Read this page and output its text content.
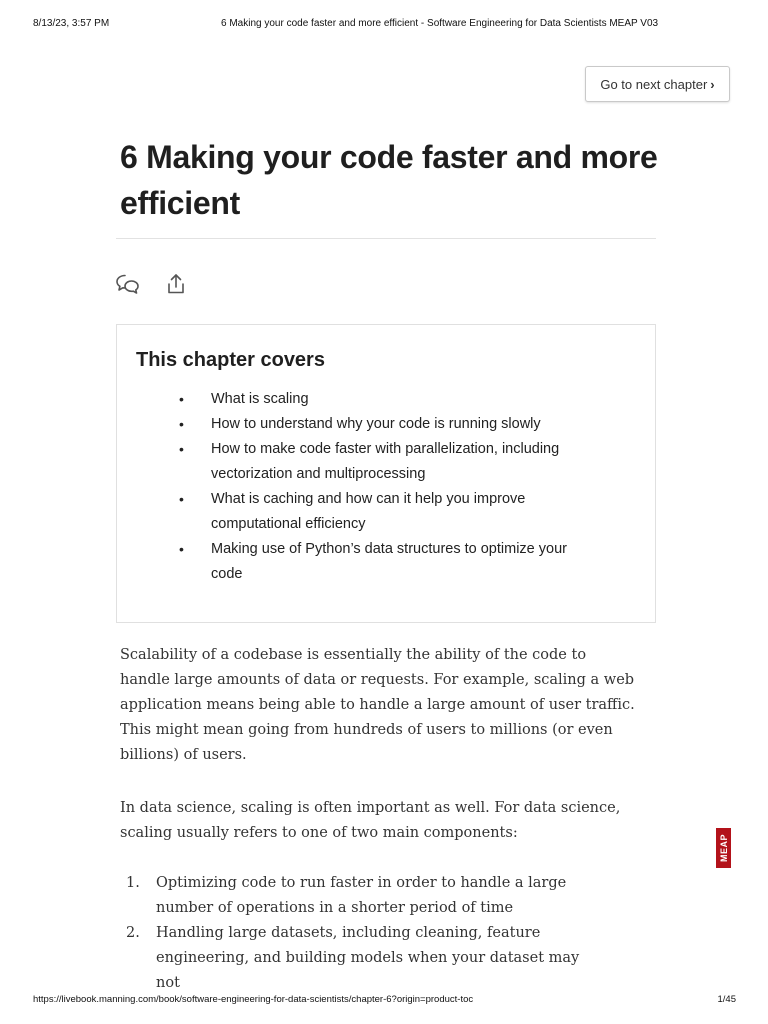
8/13/23, 3:57 PM	6 Making your code faster and more efficient - Software Engineering for Data Scientists MEAP V03
Go to next chapter ›
6 Making your code faster and more efficient
This chapter covers
• What is scaling
• How to understand why your code is running slowly
• How to make code faster with parallelization, including vectorization and multiprocessing
• What is caching and how can it help you improve computational efficiency
• Making use of Python’s data structures to optimize your code

Scalability of a codebase is essentially the ability of the code to handle large amounts of data or requests. For example, scaling a web application means being able to handle a large amount of user traffic. This might mean going from hundreds of users to millions (or even billions) of users.

In data science, scaling is often important as well. For data science, scaling usually refers to one of two main components:

1. Optimizing code to run faster in order to handle a large number of operations in a shorter period of time
2. Handling large datasets, including cleaning, feature engineering, and building models when your dataset may not
MEAP
https://livebook.manning.com/book/software-engineering-for-data-scientists/chapter-6?origin=product-toc	1/45
